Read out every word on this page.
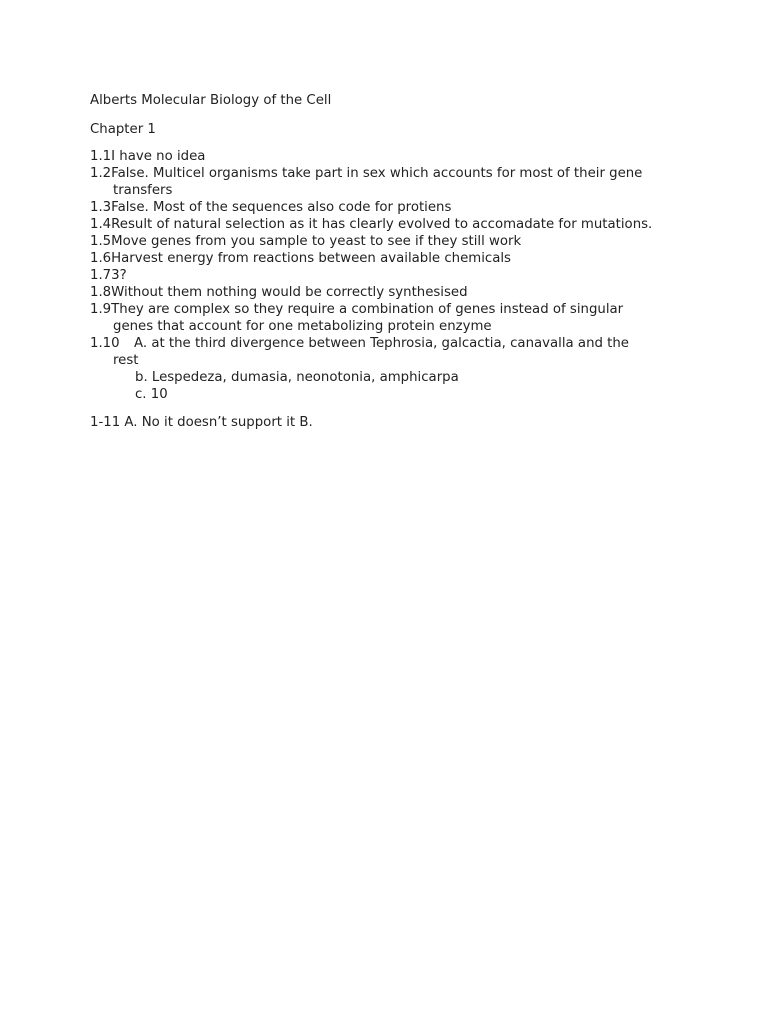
Alberts Molecular Biology of the Cell
Chapter 1
1.1 I have no idea
1.2 False. Multicel organisms take part in sex which accounts for most of their gene
transfers
1.3 False. Most of the sequences also code for protiens
1.4 Result of natural selection as it has clearly evolved to accomadate for mutations.
1.5 Move genes from you sample to yeast to see if they still work
1.6 Harvest energy from reactions between available chemicals
1.7 3?
1.8 Without them nothing would be correctly synthesised
1.9 They are complex so they require a combination of genes instead of singular
genes that account for one metabolizing protein enzyme
1.10	A. at the third divergence between Tephrosia, galcactia, canavalla and the
rest
b. Lespedeza, dumasia, neonotonia, amphicarpa
c. 10
1-11 A. No it doesn’t support it B.
